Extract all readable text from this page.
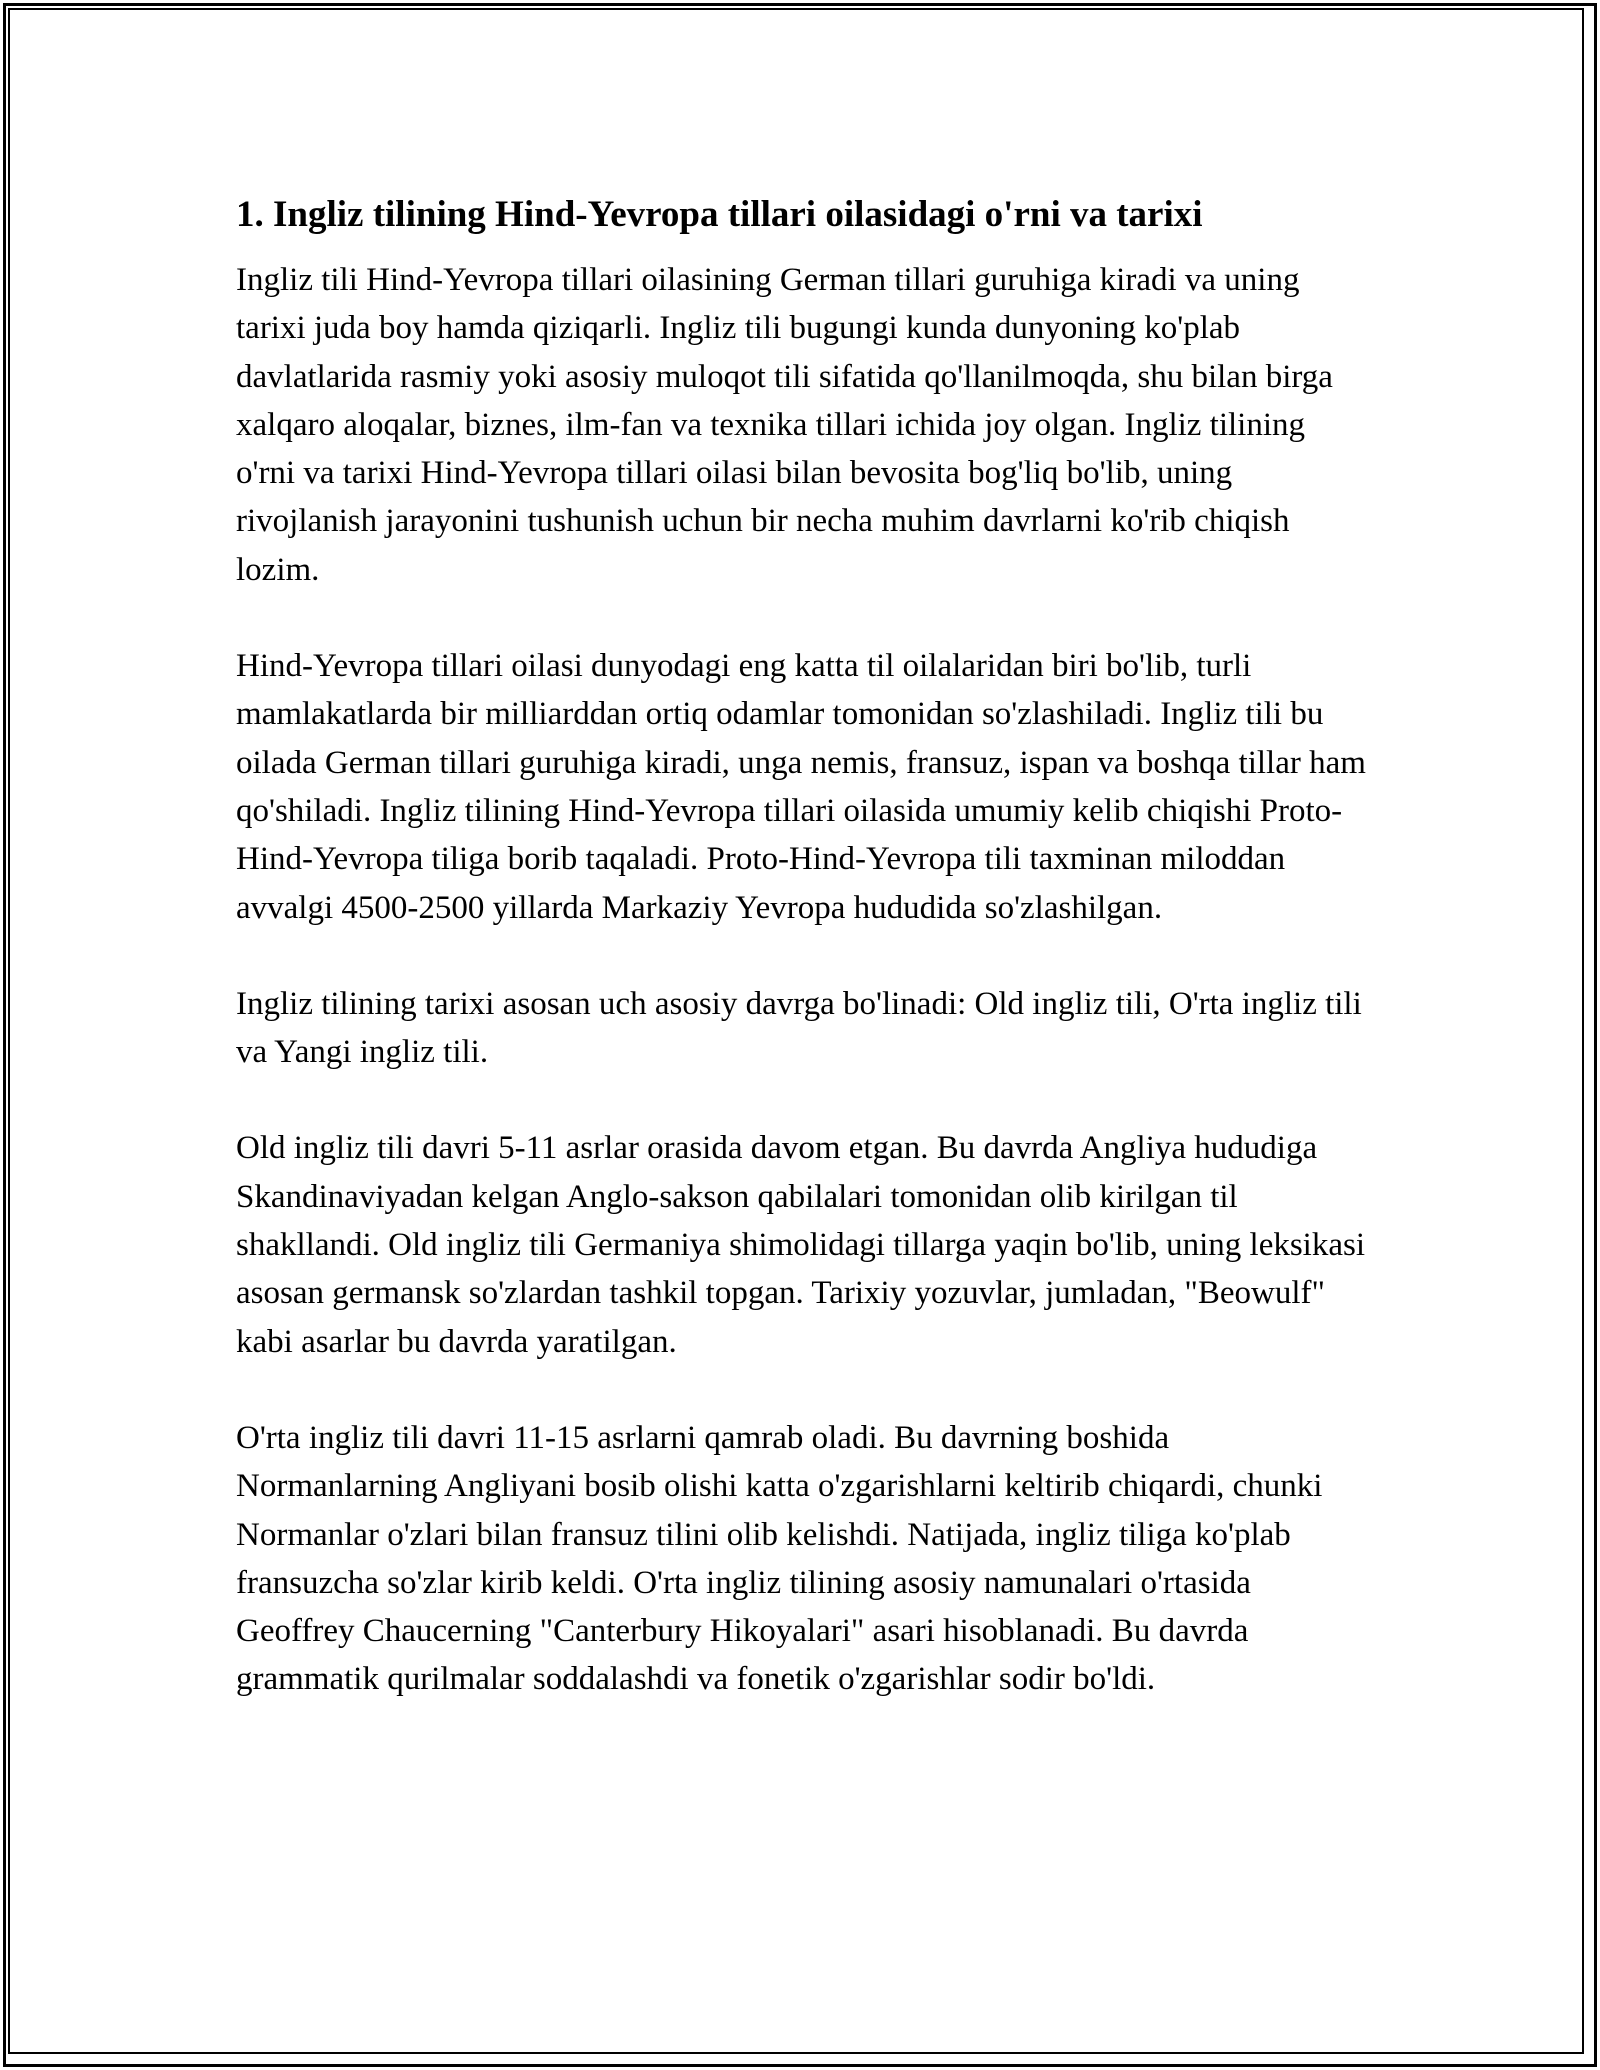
1. Ingliz tilining Hind-Yevropa tillari oilasidagi o'rni va tarixi

Ingliz tili Hind-Yevropa tillari oilasining German tillari guruhiga kiradi va uning tarixi juda boy hamda qiziqarli. Ingliz tili bugungi kunda dunyoning ko'plab davlatlarida rasmiy yoki asosiy muloqot tili sifatida qo'llanilmoqda, shu bilan birga xalqaro aloqalar, biznes, ilm-fan va texnika tillari ichida joy olgan. Ingliz tilining o'rni va tarixi Hind-Yevropa tillari oilasi bilan bevosita bog'liq bo'lib, uning rivojlanish jarayonini tushunish uchun bir necha muhim davrlarni ko'rib chiqish lozim.

Hind-Yevropa tillari oilasi dunyodagi eng katta til oilalaridan biri bo'lib, turli mamlakatlarda bir milliarddan ortiq odamlar tomonidan so'zlashiladi. Ingliz tili bu oilada German tillari guruhiga kiradi, unga nemis, fransuz, ispan va boshqa tillar ham qo'shiladi. Ingliz tilining Hind-Yevropa tillari oilasida umumiy kelib chiqishi Proto-Hind-Yevropa tiliga borib taqaladi. Proto-Hind-Yevropa tili taxminan miloddan avvalgi 4500-2500 yillarda Markaziy Yevropa hududida so'zlashilgan.

Ingliz tilining tarixi asosan uch asosiy davrga bo'linadi: Old ingliz tili, O'rta ingliz tili va Yangi ingliz tili.

Old ingliz tili davri 5-11 asrlar orasida davom etgan. Bu davrda Angliya hududiga Skandinaviyadan kelgan Anglo-sakson qabilalari tomonidan olib kirilgan til shakllandi. Old ingliz tili Germaniya shimolidagi tillarga yaqin bo'lib, uning leksikasi asosan germansk so'zlardan tashkil topgan. Tarixiy yozuvlar, jumladan, "Beowulf" kabi asarlar bu davrda yaratilgan.

O'rta ingliz tili davri 11-15 asrlarni qamrab oladi. Bu davrning boshida Normanlarning Angliyani bosib olishi katta o'zgarishlarni keltirib chiqardi, chunki Normanlar o'zlari bilan fransuz tilini olib kelishdi. Natijada, ingliz tiliga ko'plab fransuzcha so'zlar kirib keldi. O'rta ingliz tilining asosiy namunalari o'rtasida Geoffrey Chaucerning "Canterbury Hikoyalari" asari hisoblanadi. Bu davrda grammatik qurilmalar soddalashdi va fonetik o'zgarishlar sodir bo'ldi.
